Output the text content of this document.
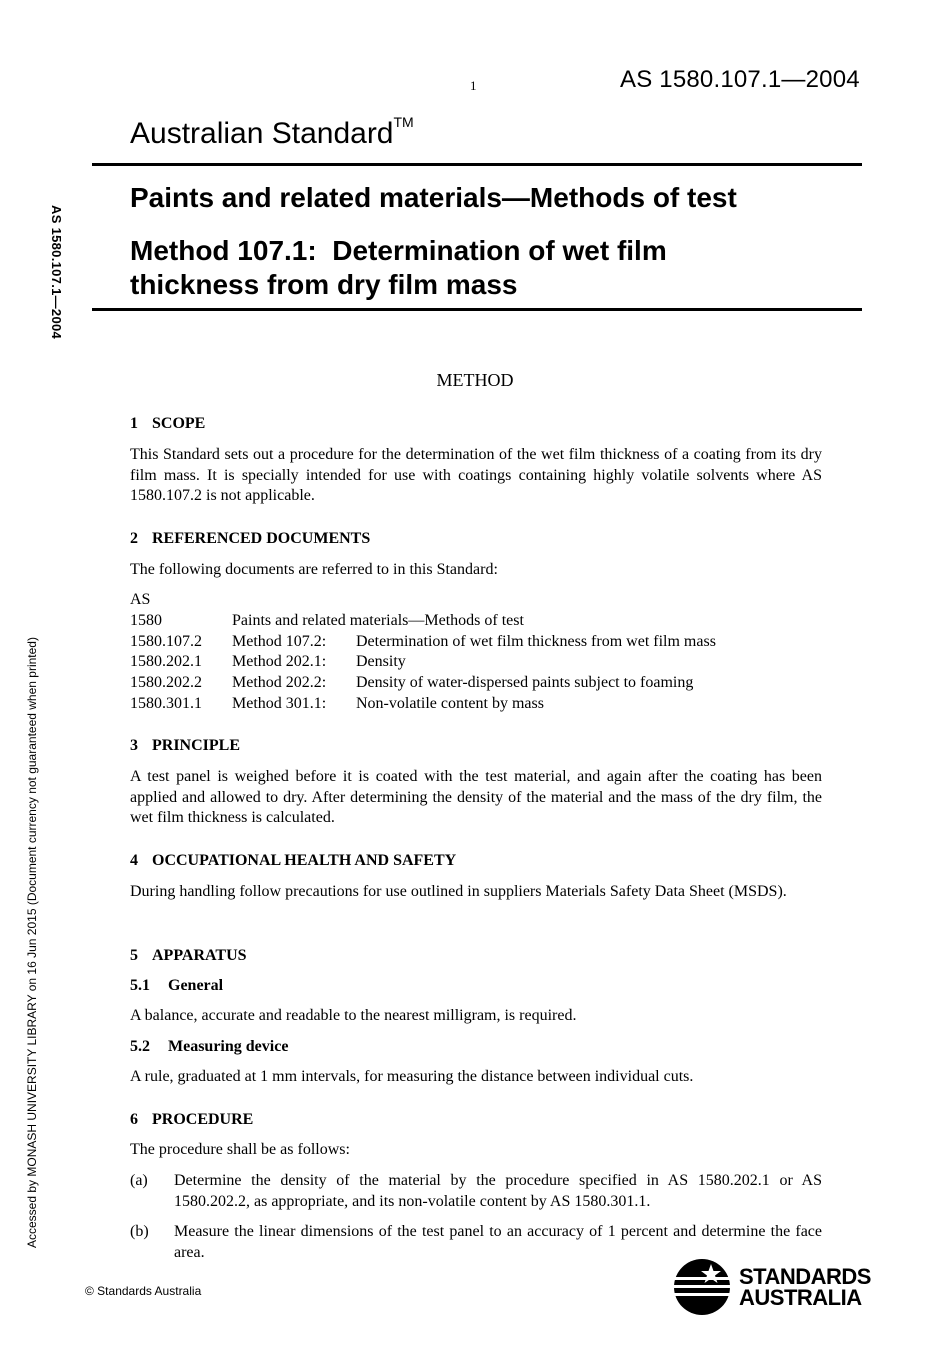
1	AS 1580.107.1—2004
Australian Standard™
Paints and related materials—Methods of test
Method 107.1:  Determination of wet film
thickness from dry film mass
AS 1580.107.1—2004
Accessed by MONASH UNIVERSITY LIBRARY on 16 Jun 2015 (Document currency not guaranteed when printed)
METHOD
1 SCOPE
This Standard sets out a procedure for the determination of the wet film thickness of a coating from its dry film mass. It is specially intended for use with coatings containing highly volatile solvents where AS 1580.107.2 is not applicable.
2 REFERENCED DOCUMENTS
The following documents are referred to in this Standard:
AS
1580	Paints and related materials—Methods of test
1580.107.2	Method 107.2:	Determination of wet film thickness from wet film mass
1580.202.1	Method 202.1:	Density
1580.202.2	Method 202.2:	Density of water-dispersed paints subject to foaming
1580.301.1	Method 301.1:	Non-volatile content by mass
3 PRINCIPLE
A test panel is weighed before it is coated with the test material, and again after the coating has been applied and allowed to dry. After determining the density of the material and the mass of the dry film, the wet film thickness is calculated.
4 OCCUPATIONAL HEALTH AND SAFETY
During handling follow precautions for use outlined in suppliers Materials Safety Data Sheet (MSDS).
5 APPARATUS
5.1 General
A balance, accurate and readable to the nearest milligram, is required.
5.2 Measuring device
A rule, graduated at 1 mm intervals, for measuring the distance between individual cuts.
6 PROCEDURE
The procedure shall be as follows:
(a)	Determine the density of the material by the procedure specified in AS 1580.202.1 or AS 1580.202.2, as appropriate, and its non-volatile content by AS 1580.301.1.
(b)	Measure the linear dimensions of the test panel to an accuracy of 1 percent and determine the face area.
© Standards Australia
STANDARDS
AUSTRALIA
